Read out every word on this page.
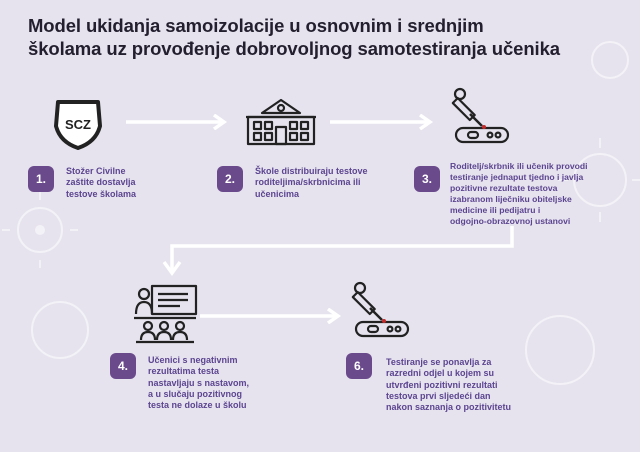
Model ukidanja samoizolacije u osnovnim i srednjim
školama uz provođenje dobrovoljnog samotestiranja učenika
SCZ
1.
Stožer Civilne
zaštite dostavlja
testove školama
2.
Škole distribuiraju testove
roditeljima/skrbnicima ili
učenicima
3.
Roditelj/skrbnik ili učenik provodi
testiranje jednaput tjedno i javlja
pozitivne rezultate testova
izabranom liječniku obiteljske
medicine ili pedijatru i
odgojno-obrazovnoj ustanovi
4.	Učenici s negativnim
rezultatima testa
nastavljaju s nastavom,
a u slučaju pozitivnog
testa ne dolaze u školu
6.	Testiranje se ponavlja za
razredni odjel u kojem su
utvrđeni pozitivni rezultati
testova prvi sljedeći dan
nakon saznanja o pozitivitetu
